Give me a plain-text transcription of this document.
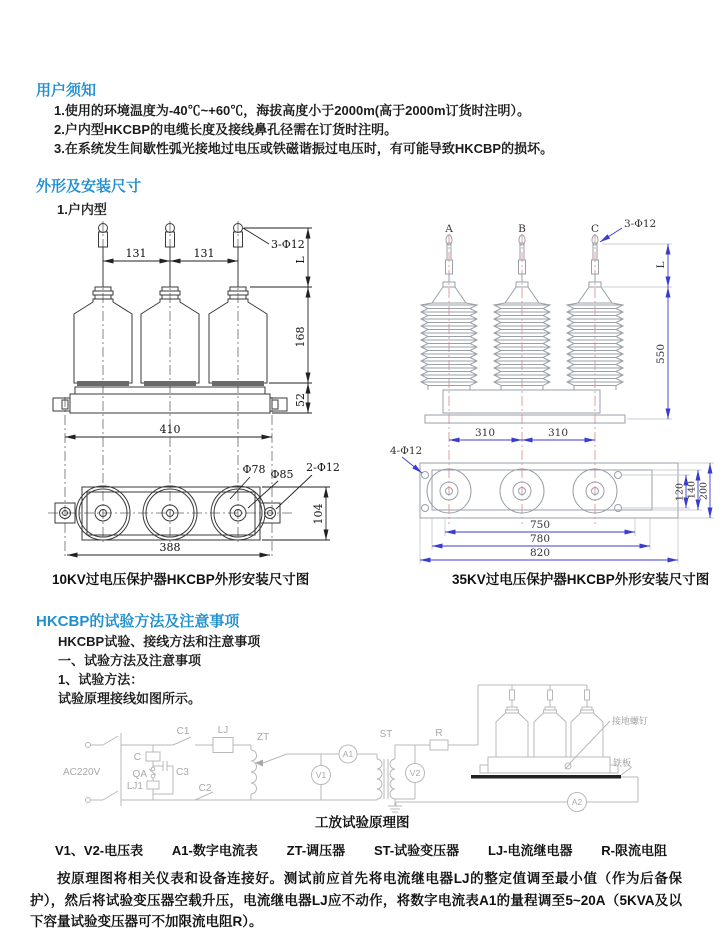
用户须知
1.使用的环境温度为-40℃~+60℃，海拔高度小于2000m(高于2000m订货时注明）。
2.户内型HKCBP的电缆长度及接线鼻孔径需在订货时注明。
3.在系统发生间歇性弧光接地过电压或铁磁谐振过电压时，有可能导致HKCBP的损坏。
外形及安装尺寸
1.户内型
131	131
3-Φ12
L
168
52
410
Φ78 Φ85
2-Φ12
104
388
A	B	C 3-Φ12
L
550
310	310
4-Φ12
120 140 200
750
780
820
10KV过电压保护器HKCBP外形安装尺寸图	35KV过电压保护器HKCBP外形安装尺寸图
HKCBP的试验方法及注意事项
HKCBP试验、接线方法和注意事项
一、试验方法及注意事项
1、试验方法：
试验原理接线如图所示。
AC220V
C
QA	C3
LJ1
C1
C2
LJ
ZT
V1
A1
ST
V2
R
接地螺钉
铁板
A2
工放试验原理图
V1、V2-电压表 A1-数字电流表 ZT-调压器 ST-试验变压器 LJ-电流继电器 R-限流电阻
按原理图将相关仪表和设备连接好。测试前应首先将电流继电器LJ的整定值调至最小值（作为后备保护），然后将试验变压器空载升压，电流继电器LJ应不动作，将数字电流表A1的量程调至5~20A（5KVA及以下容量试验变压器可不加限流电阻R）。
